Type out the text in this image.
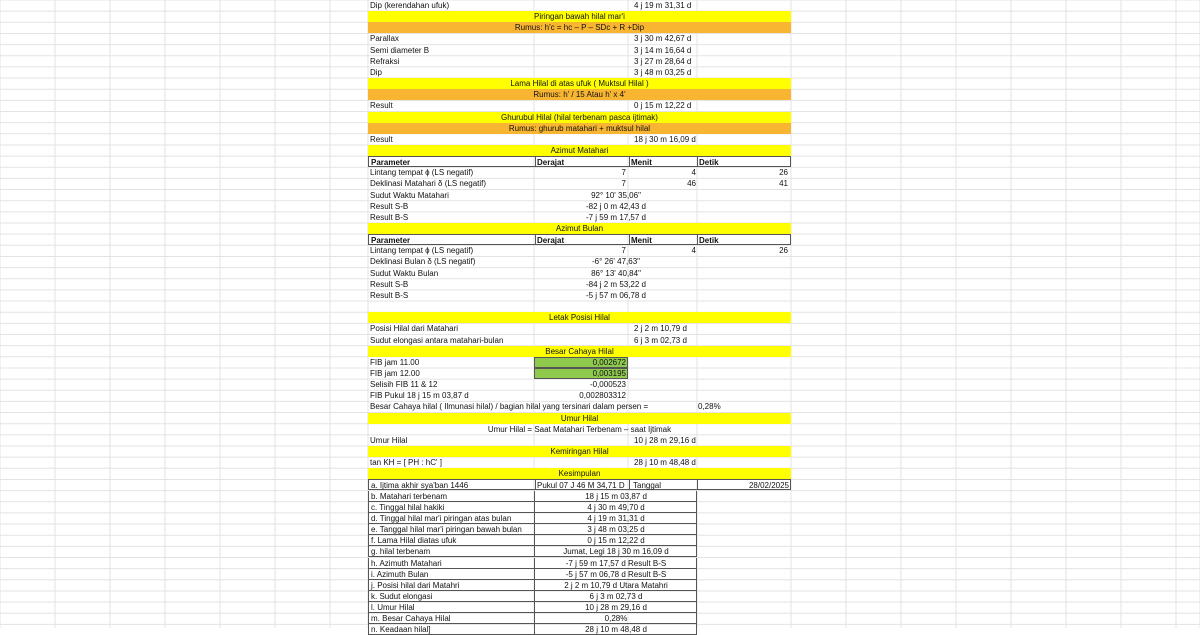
Dip (kerendahan ufuk)	4 j 19 m 31,31 d
Piringan bawah hilal mar'i
Rumus: h'c = hc – P – SDc + R +Dip
Parallax	3 j 30 m 42,67 d
Semi diameter B	3 j 14 m 16,64 d
Refraksi	3 j 27 m 28,64 d
Dip	3 j 48 m 03,25 d
Lama Hilal di atas ufuk ( Muktsul Hilal )
Rumus: h' / 15 Atau h' x 4'
Result	0 j 15 m 12,22 d
Ghurubul Hilal (hilal terbenam pasca ijtimak)
Rumus: ghurub matahari + muktsul hilal
Result	18 j 30 m 16,09 d
Azimut Matahari
Parameter	Derajat	Menit	Detik
Lintang tempat ɸ (LS negatif)	7	4	26
Deklinasi Matahari δ (LS negatif)	7	46	41
Sudut Waktu Matahari	92° 10' 35,06"
Result S-B	-82 j 0 m 42,43 d
Result B-S	-7 j 59 m 17,57 d
Azimut Bulan
Parameter	Derajat	Menit	Detik
Lintang tempat ɸ (LS negatif)	7	4	26
Deklinasi Bulan δ (LS negatif)	-6° 26' 47,63"
Sudut Waktu Bulan	86° 13' 40,84"
Result S-B	-84 j 2 m 53,22 d
Result B-S	-5 j 57 m 06,78 d
Letak Posisi Hilal
Posisi Hilal dari Matahari	2 j 2 m 10,79 d
Sudut elongasi antara matahari-bulan	6 j 3 m 02,73 d
Besar Cahaya Hilal
FIB jam 11.00	0,002672
FIB jam 12.00	0,003195
Selisih FIB 11 & 12	-0,000523
FIB Pukul 18 j 15 m 03,87 d	0,002803312
Besar Cahaya hilal ( Ilmunasi hilal) / bagian hilal yang tersinari dalam persen =	0,28%
Umur Hilal
Umur Hilal = Saat Matahari Terbenam – saat Ijtimak
Umur Hilal	10 j 28 m 29,16 d
Kemiringan Hilal
tan KH = [ PH : hC' ]	28 j 10 m 48,48 d
Kesimpulan
a. Ijtima akhir sya'ban 1446	Pukul 07 J 46 M 34,71 D Tanggal	28/02/2025
b. Matahari terbenam	18 j 15 m 03,87 d
c. Tinggal hilal hakiki	4 j 30 m 49,70 d
d. Tinggal hilal mar'i piringan atas bulan	4 j 19 m 31,31 d
e. Tanggal hilal mar'i piringan bawah bulan	3 j 48 m 03,25 d
f. Lama Hilal diatas ufuk	0 j 15 m 12,22 d
g. hilal terbenam	Jumat, Legi 18 j 30 m 16,09 d
h. Azimuth Matahari	-7 j 59 m 17,57 d Result B-S
i. Azimuth Bulan	-5 j 57 m 06,78 d Result B-S
j. Posisi hilal dari Matahri	2 j 2 m 10,79 d Utara Matahri
k. Sudut elongasi	6 j 3 m 02,73 d
l. Umur Hilal	10 j 28 m 29,16 d
m. Besar Cahaya Hilal	0,28%
n. Keadaan hilal]	28 j 10 m 48,48 d
